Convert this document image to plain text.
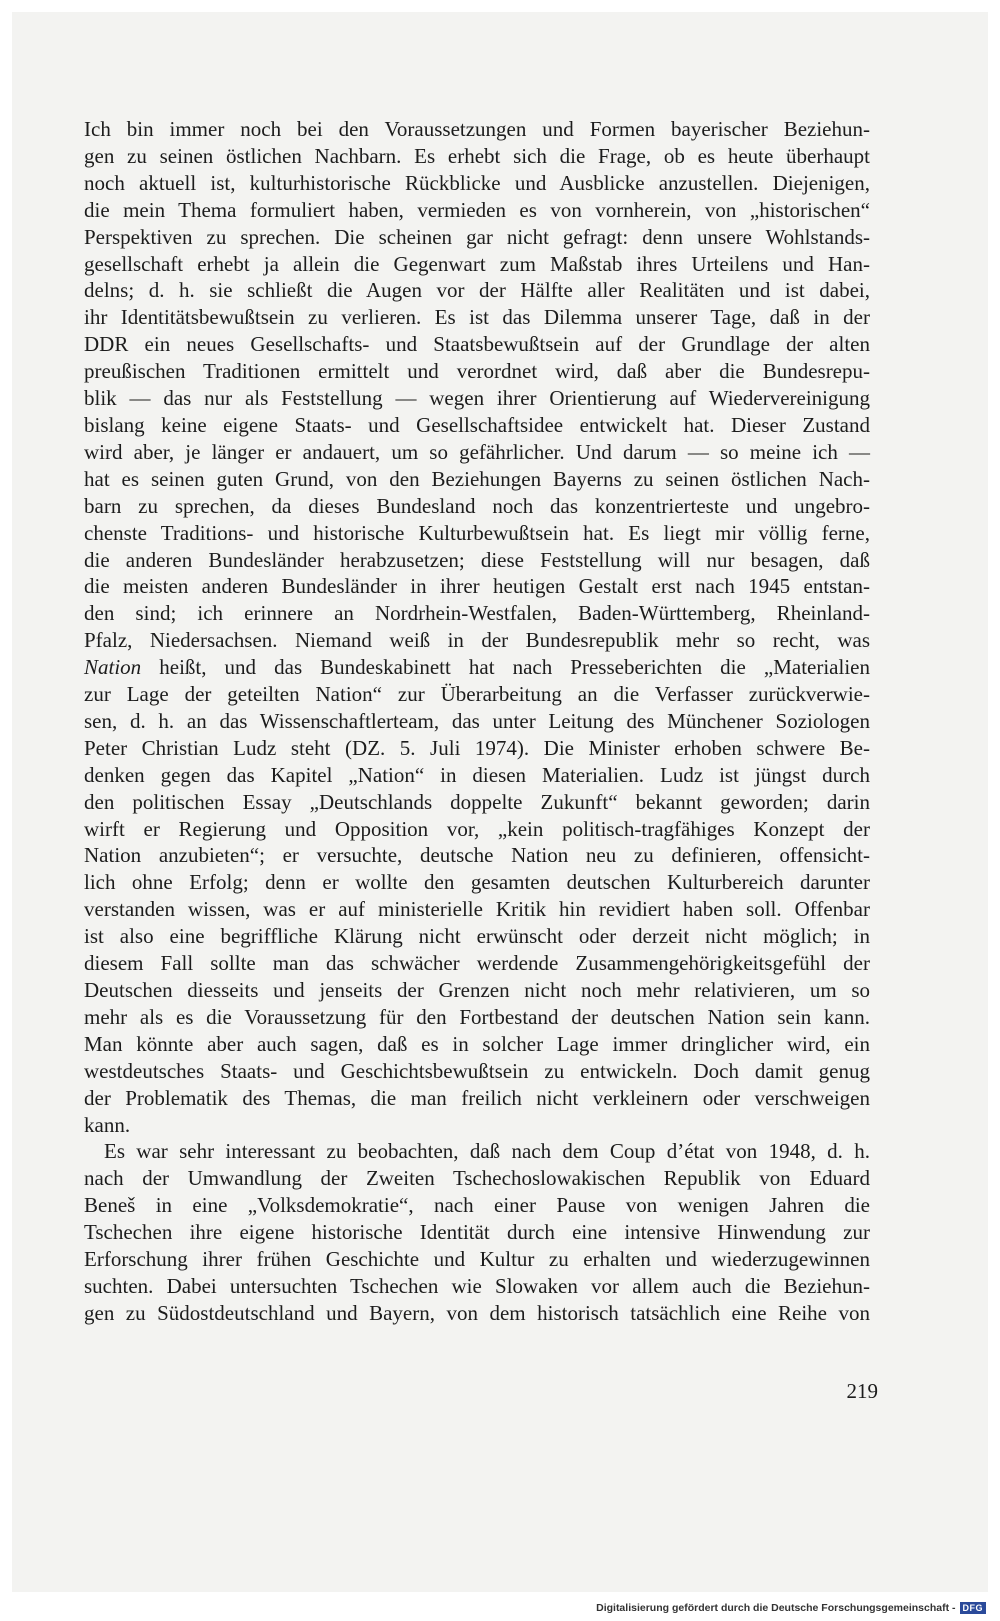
Ich bin immer noch bei den Voraussetzungen und Formen bayerischer Beziehun-
gen zu seinen östlichen Nachbarn. Es erhebt sich die Frage, ob es heute überhaupt
noch aktuell ist, kulturhistorische Rückblicke und Ausblicke anzustellen. Diejenigen,
die mein Thema formuliert haben, vermieden es von vornherein, von „historischen“
Perspektiven zu sprechen. Die scheinen gar nicht gefragt: denn unsere Wohlstands-
gesellschaft erhebt ja allein die Gegenwart zum Maßstab ihres Urteilens und Han-
delns; d. h. sie schließt die Augen vor der Hälfte aller Realitäten und ist dabei,
ihr Identitätsbewußtsein zu verlieren. Es ist das Dilemma unserer Tage, daß in der
DDR ein neues Gesellschafts- und Staatsbewußtsein auf der Grundlage der alten
preußischen Traditionen ermittelt und verordnet wird, daß aber die Bundesrepu-
blik — das nur als Feststellung — wegen ihrer Orientierung auf Wiedervereinigung
bislang keine eigene Staats- und Gesellschaftsidee entwickelt hat. Dieser Zustand
wird aber, je länger er andauert, um so gefährlicher. Und darum — so meine ich —
hat es seinen guten Grund, von den Beziehungen Bayerns zu seinen östlichen Nach-
barn zu sprechen, da dieses Bundesland noch das konzentrierteste und ungebro-
chenste Traditions- und historische Kulturbewußtsein hat. Es liegt mir völlig ferne,
die anderen Bundesländer herabzusetzen; diese Feststellung will nur besagen, daß
die meisten anderen Bundesländer in ihrer heutigen Gestalt erst nach 1945 entstan-
den sind; ich erinnere an Nordrhein-Westfalen, Baden-Württemberg, Rheinland-
Pfalz, Niedersachsen. Niemand weiß in der Bundesrepublik mehr so recht, was
Nation heißt, und das Bundeskabinett hat nach Presseberichten die „Materialien
zur Lage der geteilten Nation“ zur Überarbeitung an die Verfasser zurückverwie-
sen, d. h. an das Wissenschaftlerteam, das unter Leitung des Münchener Soziologen
Peter Christian Ludz steht (DZ. 5. Juli 1974). Die Minister erhoben schwere Be-
denken gegen das Kapitel „Nation“ in diesen Materialien. Ludz ist jüngst durch
den politischen Essay „Deutschlands doppelte Zukunft“ bekannt geworden; darin
wirft er Regierung und Opposition vor, „kein politisch-tragfähiges Konzept der
Nation anzubieten“; er versuchte, deutsche Nation neu zu definieren, offensicht-
lich ohne Erfolg; denn er wollte den gesamten deutschen Kulturbereich darunter
verstanden wissen, was er auf ministerielle Kritik hin revidiert haben soll. Offenbar
ist also eine begriffliche Klärung nicht erwünscht oder derzeit nicht möglich; in
diesem Fall sollte man das schwächer werdende Zusammengehörigkeitsgefühl der
Deutschen diesseits und jenseits der Grenzen nicht noch mehr relativieren, um so
mehr als es die Voraussetzung für den Fortbestand der deutschen Nation sein kann.
Man könnte aber auch sagen, daß es in solcher Lage immer dringlicher wird, ein
westdeutsches Staats- und Geschichtsbewußtsein zu entwickeln. Doch damit genug
der Problematik des Themas, die man freilich nicht verkleinern oder verschweigen
kann.
Es war sehr interessant zu beobachten, daß nach dem Coup d’état von 1948, d. h.
nach der Umwandlung der Zweiten Tschechoslowakischen Republik von Eduard
Beneš in eine „Volksdemokratie“, nach einer Pause von wenigen Jahren die
Tschechen ihre eigene historische Identität durch eine intensive Hinwendung zur
Erforschung ihrer frühen Geschichte und Kultur zu erhalten und wiederzugewinnen
suchten. Dabei untersuchten Tschechen wie Slowaken vor allem auch die Beziehun-
gen zu Südostdeutschland und Bayern, von dem historisch tatsächlich eine Reihe von
219
Digitalisierung gefördert durch die Deutsche Forschungsgemeinschaft - DFG
